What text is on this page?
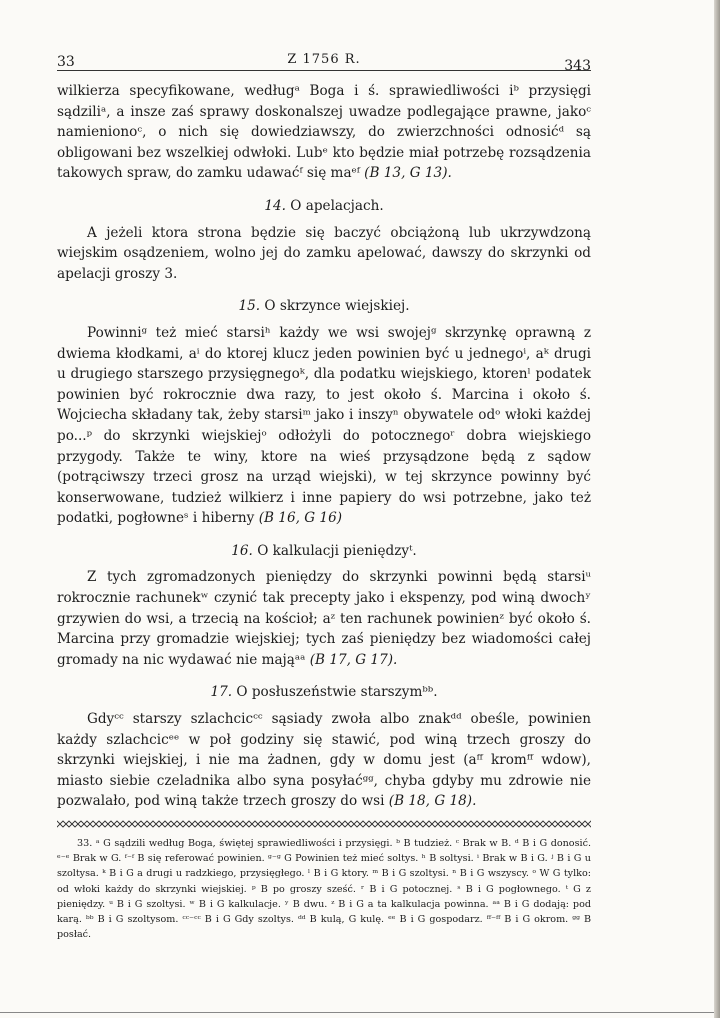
33	Z 1756 R.	343

wilkierza specyfikowane, wedługᵃ Boga i ś. sprawiedliwości iᵇ przysięgi sądziliᵃ, a insze zaś sprawy doskonalszej uwadze podlegające prawne, jakoᶜ namienionoᶜ, o nich się dowiedziawszy, do zwierzchności odnosićᵈ są obligowani bez wszelkiej odwłoki. Lubᵉ kto będzie miał potrzebę rozsądzenia takowych spraw, do zamku udawaćᶠ się maᵉᶠ (B 13, G 13).

14. O apelacjach.

A jeżeli ktora strona będzie się baczyć obciążoną lub ukrzywdzoną wiejskim osądzeniem, wolno jej do zamku apelować, dawszy do skrzynki od apelacji groszy 3.

15. O skrzynce wiejskiej.

Powinniᵍ też mieć starsiʰ każdy we wsi swojejᵍ skrzynkę oprawną z dwiema kłodkami, aⁱ do ktorej klucz jeden powinien być u jednegoⁱ, aᵏ drugi u drugiego starszego przysięgnegoᵏ, dla podatku wiejskiego, ktorenˡ podatek powinien być rokrocznie dwa razy, to jest około ś. Marcina i około ś. Wojciecha składany tak, żeby starsiᵐ jako i inszyⁿ obywatele odᵒ włoki każdej po...ᵖ do skrzynki wiejskiejᵒ odłożyli do potocznegoʳ dobra wiejskiego przygody. Także te winy, ktore na wieś przysądzone będą z sądow (potrąciwszy trzeci grosz na urząd wiejski), w tej skrzynce powinny być konserwowane, tudzież wilkierz i inne papiery do wsi potrzebne, jako też podatki, pogłowneˢ i hiberny (B 16, G 16)

16. O kalkulacji pieniędzyᵗ.

Z tych zgromadzonych pieniędzy do skrzynki powinni będą starsiᵘ rokrocznie rachunekʷ czynić tak precepty jako i ekspenzy, pod winą dwochʸ grzywien do wsi, a trzecią na kościoł; aᶻ ten rachunek powinienᶻ być około ś. Marcina przy gromadzie wiejskiej; tych zaś pieniędzy bez wiadomości całej gromady na nic wydawać nie mająᵃᵃ (B 17, G 17).

17. O posłuszeństwie starszymᵇᵇ.

Gdyᶜᶜ starszy szlachcicᶜᶜ sąsiady zwoła albo znakᵈᵈ obeśle, powinien każdy szlachcicᵉᵉ w poł godziny się stawić, pod winą trzech groszy do skrzynki wiejskiej, i nie ma żadnen, gdy w domu jest (aᶠᶠ kromᶠᶠ wdow), miasto siebie czeladnika albo syna posyłaćᵍᵍ, chyba gdyby mu zdrowie nie pozwalało, pod winą także trzech groszy do wsi (B 18, G 18).

33. ᵃ G sądzili według Boga, świętej sprawiedliwości i przysięgi. ᵇ B tudzież. ᶜ Brak w B. ᵈ B i G donosić. ᵉ⁻ᵉ Brak w G. ᶠ⁻ᶠ B się referować powinien. ᵍ⁻ᵍ G Powinien też mieć soltys. ʰ B soltysi. ⁱ Brak w B i G. ʲ B i G u szoltysa. ᵏ B i G a drugi u radzkiego, przysięgłego. ˡ B i G ktory. ᵐ B i G szoltysi. ⁿ B i G wszyscy. ᵒ W G tylko: od włoki każdy do skrzynki wiejskiej. ᵖ B po groszy sześć. ʳ B i G potocznej. ˢ B i G pogłownego. ᵗ G z pieniędzy. ᵘ B i G szoltysi. ʷ B i G kalkulacje. ʸ B dwu. ᶻ B i G a ta kalkulacja powinna. ᵃᵃ B i G dodają: pod karą. ᵇᵇ B i G szoltysom. ᶜᶜ⁻ᶜᶜ B i G Gdy szoltys. ᵈᵈ B kulą, G kulę. ᵉᵉ B i G gospodarz. ᶠᶠ⁻ᶠᶠ B i G okrom. ᵍᵍ B posłać.
